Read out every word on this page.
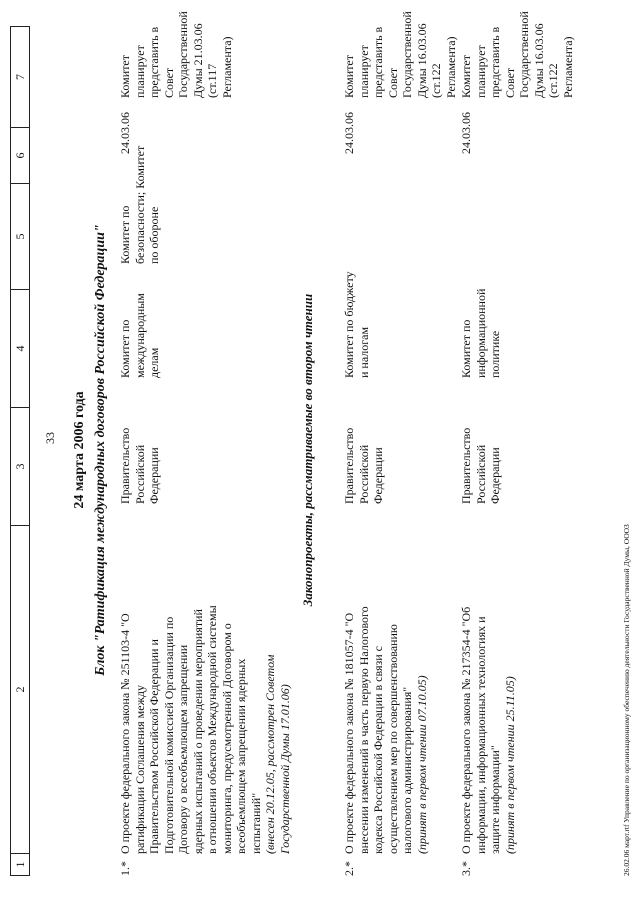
1
2
3
4
5
6
7
33 24 марта 2006 года Блок "Ратификация международных договоров Российской Федерации"
1.*
О проекте федерального закона № 251103-4 "О ратификации Соглашения между Правительством Российской Федерации и Подготовительной комиссией Организации по Договору о всеобъемлющем запрещении ядерных испытаний о проведении мероприятий в отношении объектов Международной системы мониторинга, предусмотренной Договором о всеобъемлющем запрещении ядерных испытаний" (внесен 20.12.05, рассмотрен Советом Государственной Думы 17.01.06)
Правительство Российской Федерации
Комитет по международным делам
Комитет по безопасности; Комитет по обороне
24.03.06
Комитет планирует представить в Совет Государственной Думы 21.03.06 (ст.117 Регламента)
Законопроекты, рассматриваемые во втором чтении
2.*
О проекте федерального закона № 181057-4 "О внесении изменений в часть первую Налогового кодекса Российской Федерации в связи с осуществлением мер по совершенствованию налогового администрирования" (принят в первом чтении 07.10.05)
Правительство Российской Федерации
Комитет по бюджету и налогам
24.03.06
Комитет планирует представить в Совет Государственной Думы 16.03.06 (ст.122 Регламента)
3.*
О проекте федерального закона № 217354-4 "Об информации, информационных технологиях и защите информации" (принят в первом чтении 25.11.05)
Правительство Российской Федерации
Комитет по информационной политике
24.03.06
Комитет планирует представить в Совет Государственной Думы 16.03.06 (ст.122 Регламента)
26.02.06 март.rtf Управление по организационному обеспечению деятельности Государственной Думы, ООО3
